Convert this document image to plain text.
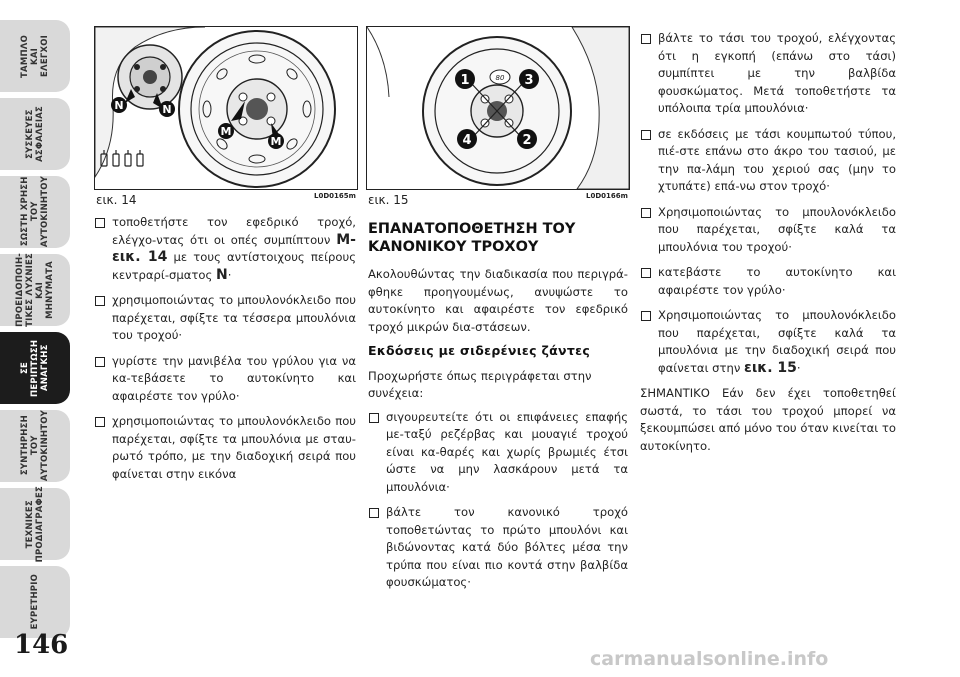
ΤΑΜΠΛΟ
ΚΑΙ
ΕΛΕΓΧΟΙ
ΣΥΣΚΕΥΕΣ
ΑΣΦΑΛΕΙΑΣ
ΣΩΣΤΗ ΧΡΗΣΗ
ΤΟΥ
ΑΥΤΟΚΙΝΗΤΟΥ
ΠΡΟΕΙΔΟΠΟΙΗ-
ΤΙΚΕΣ ΛΥΧΝΙΕΣ
ΚΑΙ ΜΗΝΥΜΑΤΑ
ΣΕ ΠΕΡΙΠΤΩΣΗ
ΑΝΑΓΚΗΣ
ΣΥΝΤΗΡΗΣΗ
ΤΟΥ
ΑΥΤΟΚΙΝΗΤΟΥ
ΤΕΧΝΙΚΕΣ
ΠΡΟΔΙΑΓΡΑΦΕΣ
ΕΥΡΕΤΗΡΙΟ
146
N	N
M
M
εικ. 14	L0D0165m
1	3
4	2
80
εικ. 15	L0D0166m
τοποθετήστε τον εφεδρικό τροχό, ελέγχο-ντας ότι οι οπές συμπίπτουν M-εικ. 14 με τους αντίστοιχους πείρους κεντραρί-σματος N·
χρησιμοποιώντας το μπουλονόκλειδο που παρέχεται, σφίξτε τα τέσσερα μπουλόνια του τροχού·
γυρίστε την μανιβέλα του γρύλου για να κα-τεβάσετε το αυτοκίνητο και αφαιρέστε τον γρύλο·
χρησιμοποιώντας το μπουλονόκλειδο που παρέχεται, σφίξτε τα μπουλόνια με σταυ-ρωτό τρόπο, με την διαδοχική σειρά που φαίνεται στην εικόνα
ΕΠΑΝΑΤΟΠΟΘΕΤΗΣΗ ΤΟΥ ΚΑΝΟΝΙΚΟΥ ΤΡΟΧΟΥ

Ακολουθώντας την διαδικασία που περιγρά-φθηκε προηγουμένως, ανυψώστε το αυτοκίνητο και αφαιρέστε τον εφεδρικό τροχό μικρών δια-στάσεων.

Εκδόσεις με σιδερένιες ζάντες

Προχωρήστε όπως περιγράφεται στην συνέχεια:

σιγουρευτείτε ότι οι επιφάνειες επαφής με-ταξύ ρεζέρβας και μουαγιέ τροχού είναι κα-θαρές και χωρίς βρωμιές έτσι ώστε να μην λασκάρουν μετά τα μπουλόνια·
βάλτε τον κανονικό τροχό τοποθετώντας το πρώτο μπουλόνι και βιδώνοντας κατά δύο βόλτες μέσα την τρύπα που είναι πιο κοντά στην βαλβίδα φουσκώματος·
βάλτε το τάσι του τροχού, ελέγχοντας ότι η εγκοπή (επάνω στο τάσι) συμπίπτει με την βαλβίδα φουσκώματος. Μετά τοποθετήστε τα υπόλοιπα τρία μπουλόνια·
σε εκδόσεις με τάσι κουμπωτού τύπου, πιέ-στε επάνω στο άκρο του τασιού, με την πα-λάμη του χεριού σας (μην το χτυπάτε) επά-νω στον τροχό·
Χρησιμοποιώντας το μπουλονόκλειδο που παρέχεται, σφίξτε καλά τα μπουλόνια του τροχού·
κατεβάστε το αυτοκίνητο και αφαιρέστε τον γρύλο·
Χρησιμοποιώντας το μπουλονόκλειδο που παρέχεται, σφίξτε καλά τα μπουλόνια με την διαδοχική σειρά που φαίνεται στην εικ. 15·

ΣΗΜΑΝΤΙΚΟ Εάν δεν έχει τοποθετηθεί σωστά, το τάσι του τροχού μπορεί να ξεκουμπώσει από μόνο του όταν κινείται το αυτοκίνητο.

carmanualsonline.info
